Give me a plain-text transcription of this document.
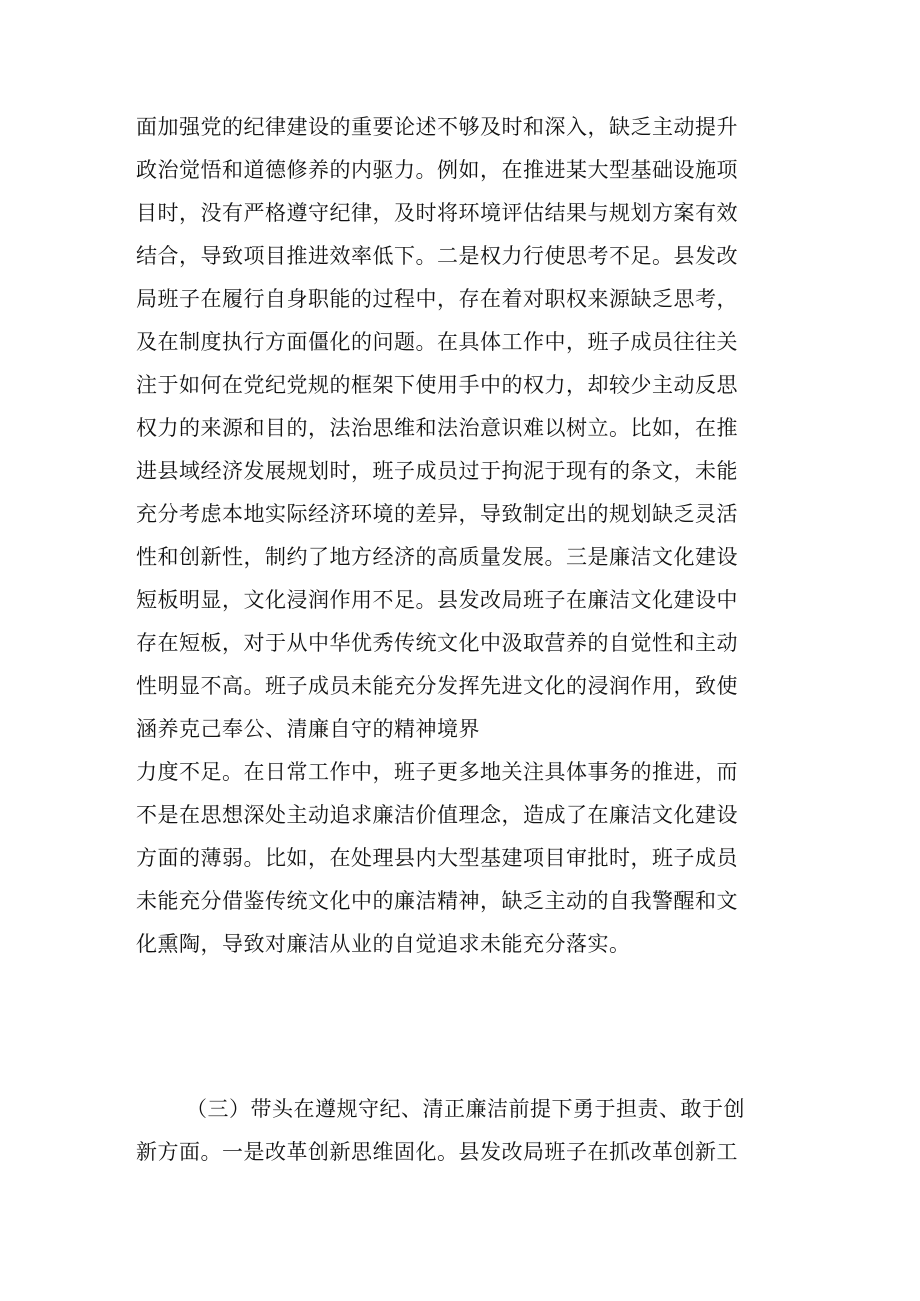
面加强党的纪律建设的重要论述不够及时和深入，缺乏主动提升
政治觉悟和道德修养的内驱力。例如，在推进某大型基础设施项
目时，没有严格遵守纪律，及时将环境评估结果与规划方案有效
结合，导致项目推进效率低下。二是权力行使思考不足。县发改
局班子在履行自身职能的过程中，存在着对职权来源缺乏思考，
及在制度执行方面僵化的问题。在具体工作中，班子成员往往关
注于如何在党纪党规的框架下使用手中的权力，却较少主动反思
权力的来源和目的，法治思维和法治意识难以树立。比如，在推
进县域经济发展规划时，班子成员过于拘泥于现有的条文，未能
充分考虑本地实际经济环境的差异，导致制定出的规划缺乏灵活
性和创新性，制约了地方经济的高质量发展。三是廉洁文化建设
短板明显，文化浸润作用不足。县发改局班子在廉洁文化建设中
存在短板，对于从中华优秀传统文化中汲取营养的自觉性和主动
性明显不高。班子成员未能充分发挥先进文化的浸润作用，致使
涵养克己奉公、清廉自守的精神境界
力度不足。在日常工作中，班子更多地关注具体事务的推进，而
不是在思想深处主动追求廉洁价值理念，造成了在廉洁文化建设
方面的薄弱。比如，在处理县内大型基建项目审批时，班子成员
未能充分借鉴传统文化中的廉洁精神，缺乏主动的自我警醒和文
化熏陶，导致对廉洁从业的自觉追求未能充分落实。
（三）带头在遵规守纪、清正廉洁前提下勇于担责、敢于创
新方面。一是改革创新思维固化。县发改局班子在抓改革创新工
